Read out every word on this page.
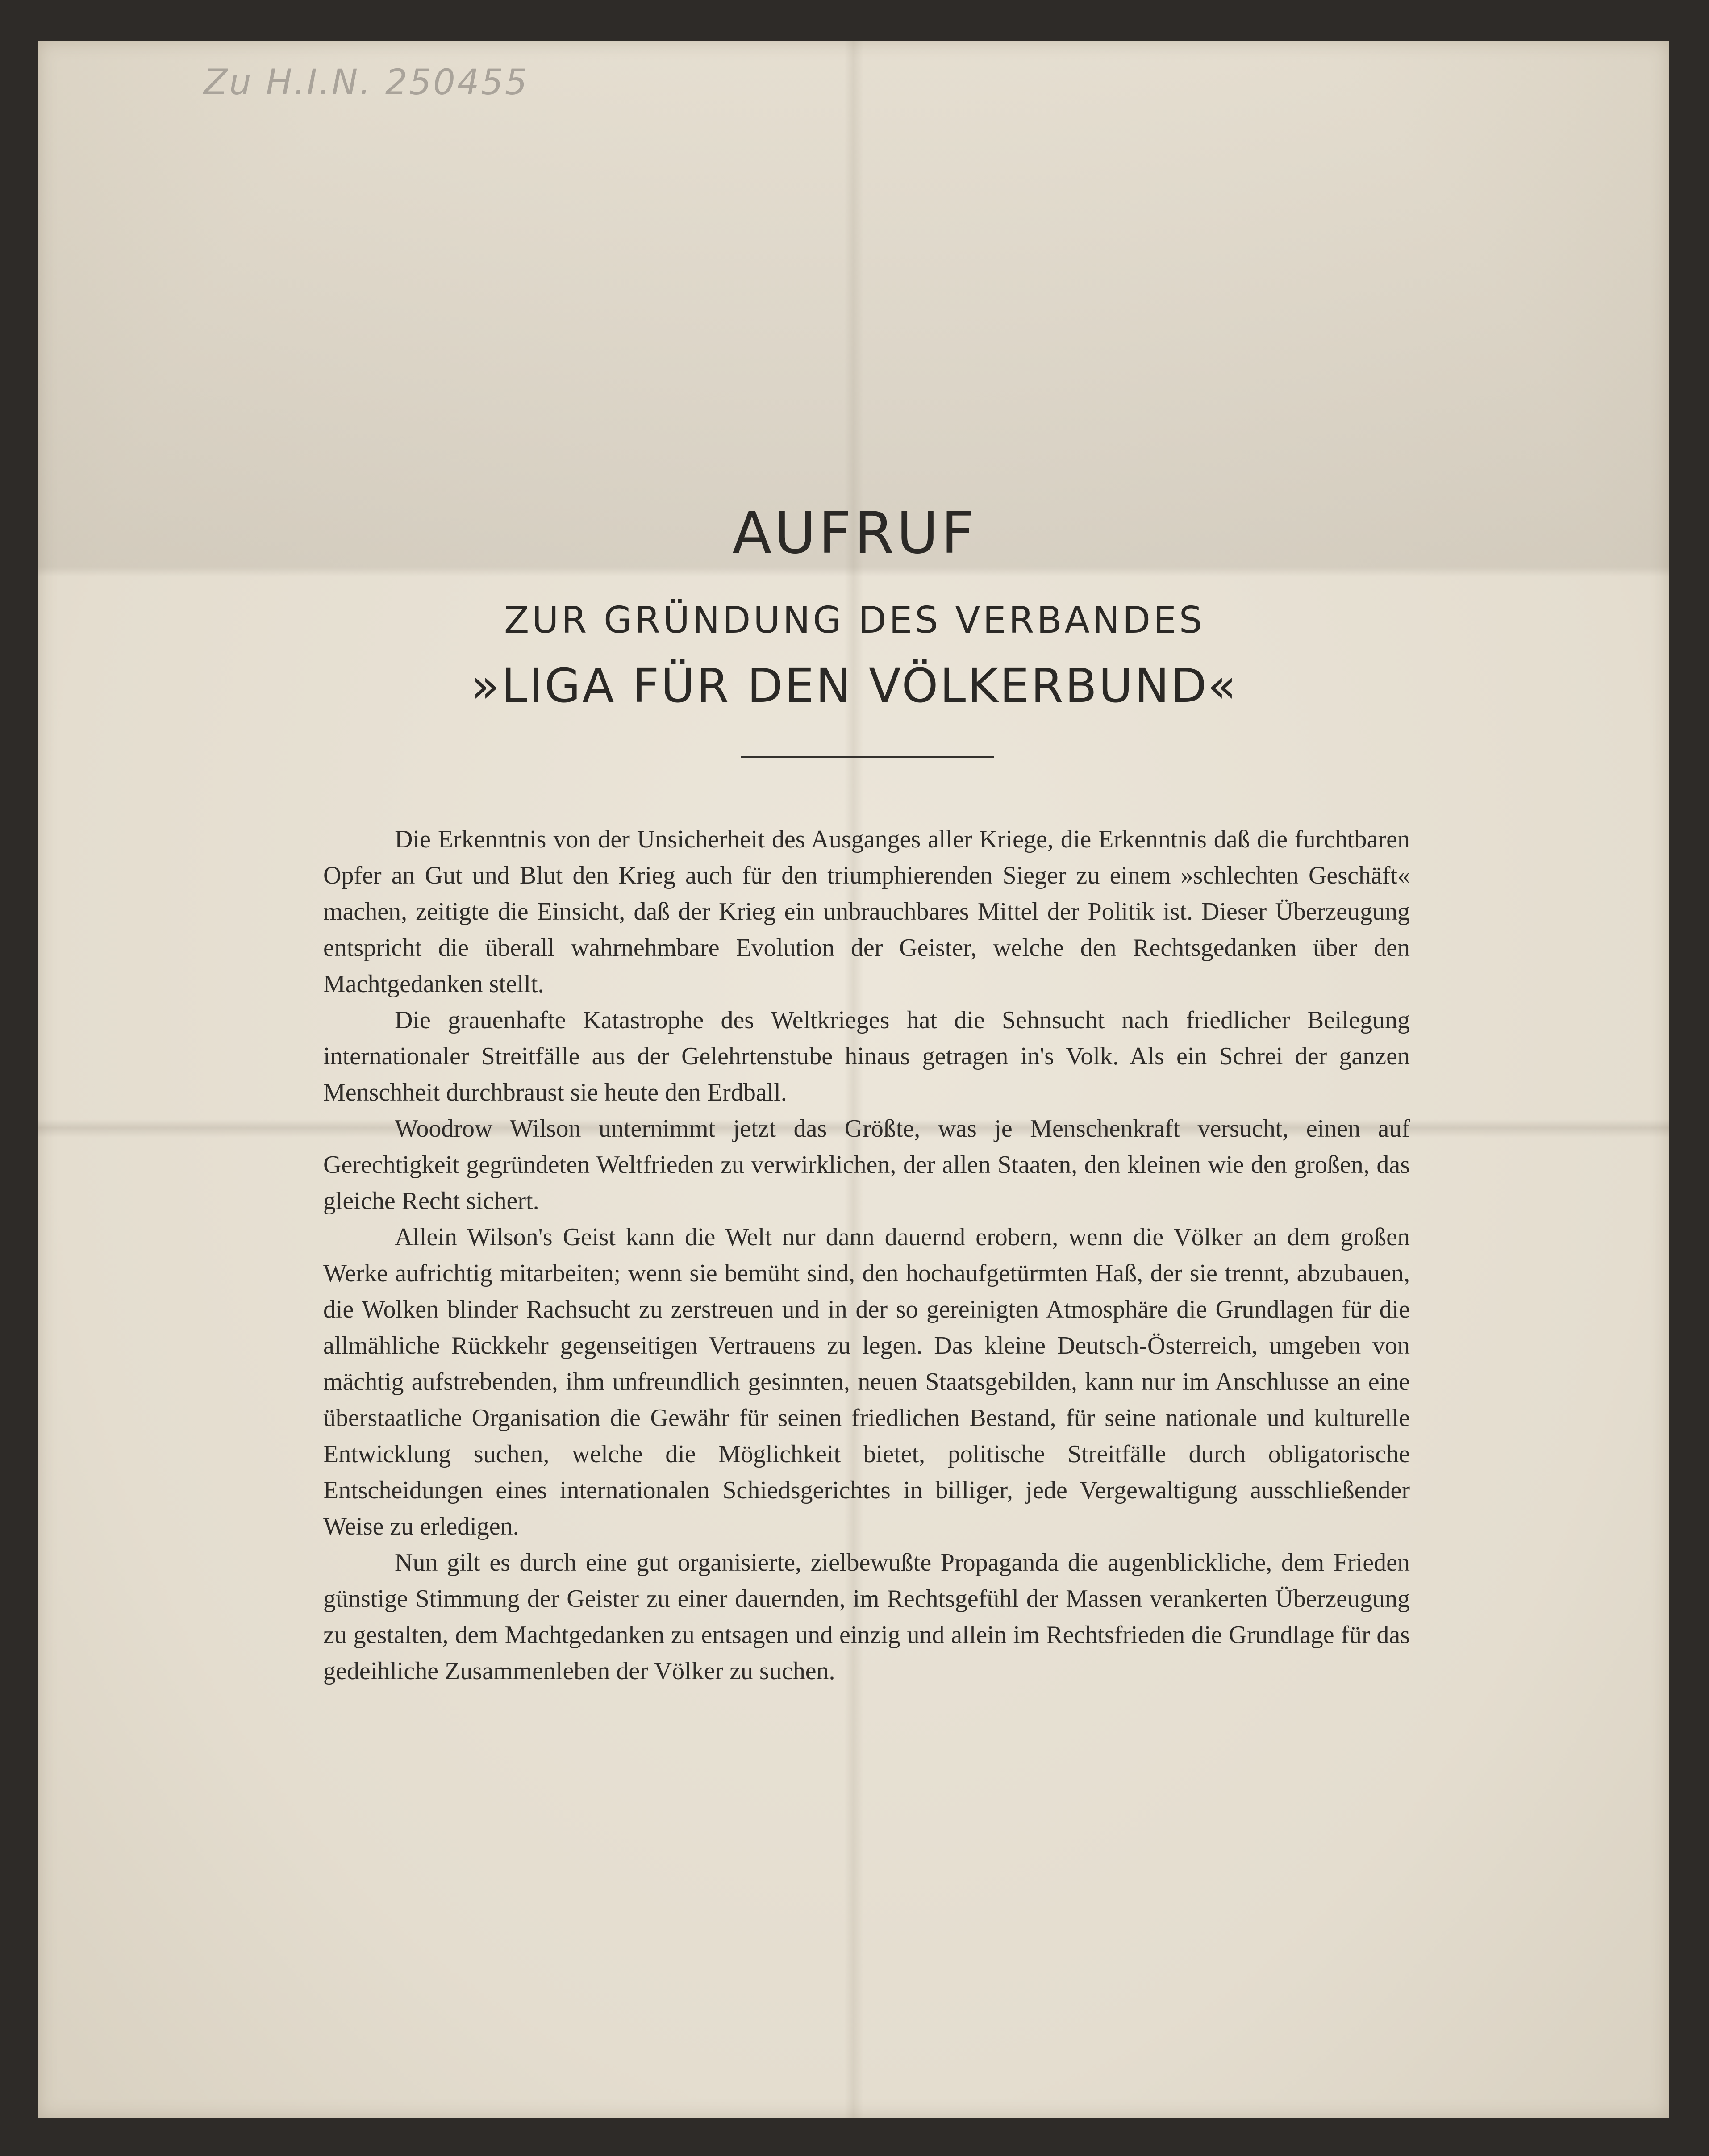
Zu H.I.N. 250455
AUFRUF
ZUR GRÜNDUNG DES VERBANDES
»LIGA FÜR DEN VÖLKERBUND«

Die Erkenntnis von der Unsicherheit des Ausganges aller Kriege, die Erkenntnis daß die furchtbaren Opfer an Gut und Blut den Krieg auch für den triumphierenden Sieger zu einem »schlechten Geschäft« machen, zeitigte die Einsicht, daß der Krieg ein unbrauchbares Mittel der Politik ist. Dieser Überzeugung entspricht die überall wahrnehmbare Evolution der Geister, welche den Rechtsgedanken über den Machtgedanken stellt.

Die grauenhafte Katastrophe des Weltkrieges hat die Sehnsucht nach friedlicher Beilegung internationaler Streitfälle aus der Gelehrtenstube hinaus getragen in's Volk. Als ein Schrei der ganzen Menschheit durchbraust sie heute den Erdball.

Woodrow Wilson unternimmt jetzt das Größte, was je Menschenkraft versucht, einen auf Gerechtigkeit gegründeten Weltfrieden zu verwirklichen, der allen Staaten, den kleinen wie den großen, das gleiche Recht sichert.

Allein Wilson's Geist kann die Welt nur dann dauernd erobern, wenn die Völker an dem großen Werke aufrichtig mitarbeiten; wenn sie bemüht sind, den hochaufgetürmten Haß, der sie trennt, abzubauen, die Wolken blinder Rachsucht zu zerstreuen und in der so gereinigten Atmosphäre die Grundlagen für die allmähliche Rückkehr gegenseitigen Vertrauens zu legen. Das kleine Deutsch-Österreich, umgeben von mächtig aufstrebenden, ihm unfreundlich gesinnten, neuen Staatsgebilden, kann nur im Anschlusse an eine überstaatliche Organisation die Gewähr für seinen friedlichen Bestand, für seine nationale und kulturelle Entwicklung suchen, welche die Möglichkeit bietet, politische Streitfälle durch obligatorische Entscheidungen eines internationalen Schiedsgerichtes in billiger, jede Vergewaltigung ausschließender Weise zu erledigen.

Nun gilt es durch eine gut organisierte, zielbewußte Propaganda die augenblickliche, dem Frieden günstige Stimmung der Geister zu einer dauernden, im Rechtsgefühl der Massen verankerten Überzeugung zu gestalten, dem Machtgedanken zu entsagen und einzig und allein im Rechtsfrieden die Grundlage für das gedeihliche Zusammenleben der Völker zu suchen.
